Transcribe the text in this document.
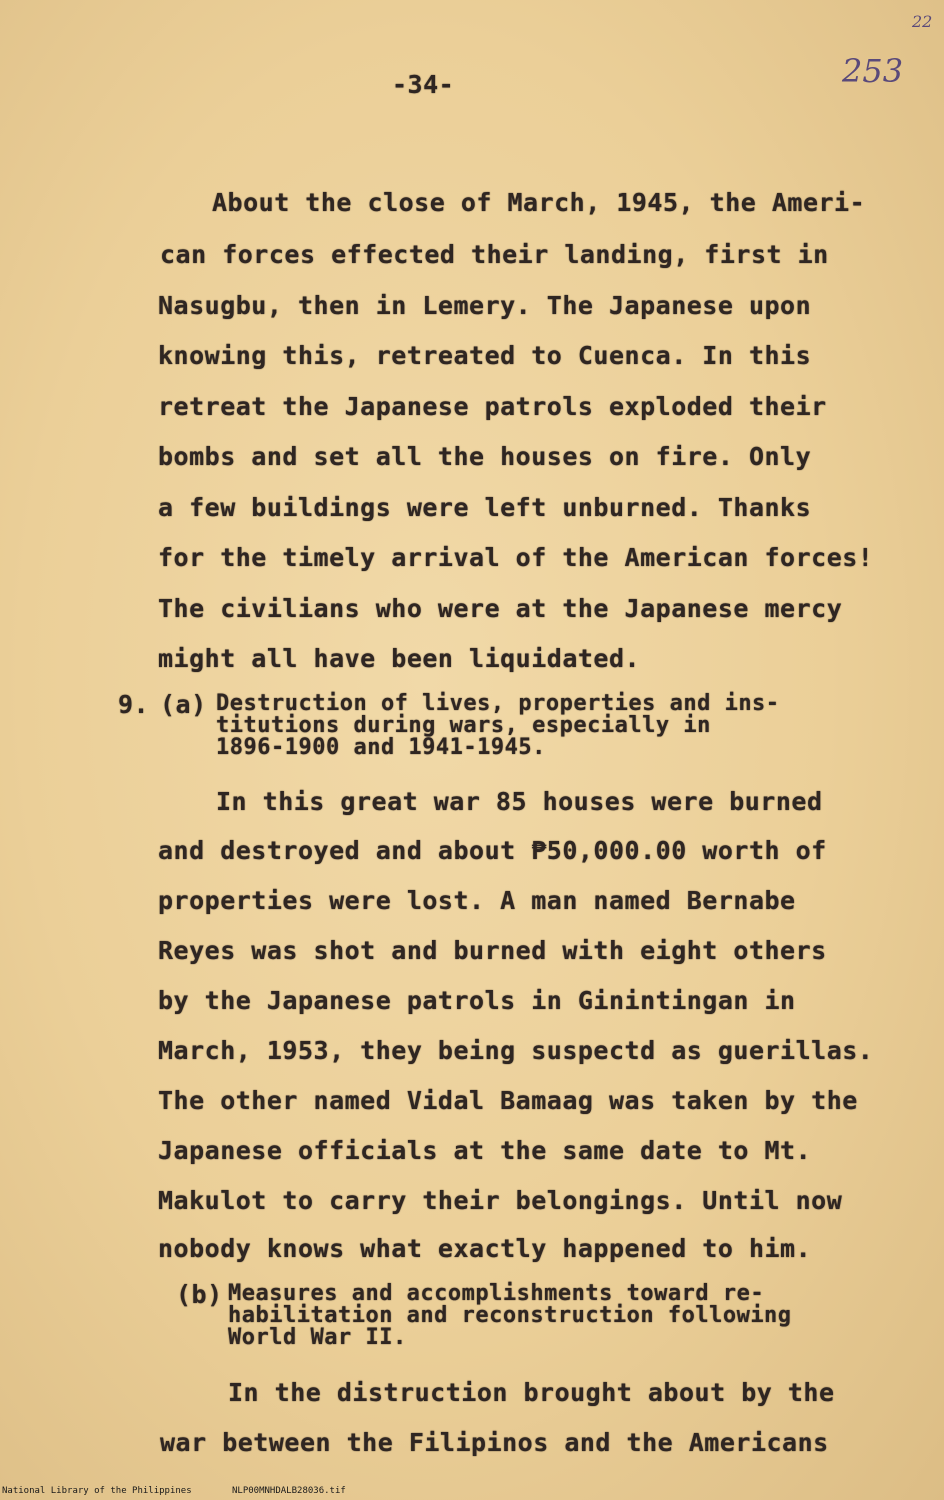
-34-	253
22
About the close of March, 1945, the Ameri-
can forces effected their landing, first in
Nasugbu, then in Lemery. The Japanese upon
knowing this, retreated to Cuenca. In this
retreat the Japanese patrols exploded their
bombs and set all the houses on fire. Only
a few buildings were left unburned. Thanks
for the timely arrival of the American forces!
The civilians who were at the Japanese mercy
might all have been liquidated.
9. (a) Destruction of lives, properties and ins-
titutions during wars, especially in
1896-1900 and 1941-1945.
In this great war 85 houses were burned
and destroyed and about ₱50,000.00 worth of
properties were lost. A man named Bernabe
Reyes was shot and burned with eight others
by the Japanese patrols in Ginintingan in
March, 1953, they being suspectd as guerillas.
The other named Vidal Bamaag was taken by the
Japanese officials at the same date to Mt.
Makulot to carry their belongings. Until now
nobody knows what exactly happened to him.
(b) Measures and accomplishments toward re-
habilitation and reconstruction following
World War II.
In the distruction brought about by the
war between the Filipinos and the Americans
National Library of the Philippines	NLP00MNHDALB28036.tif
